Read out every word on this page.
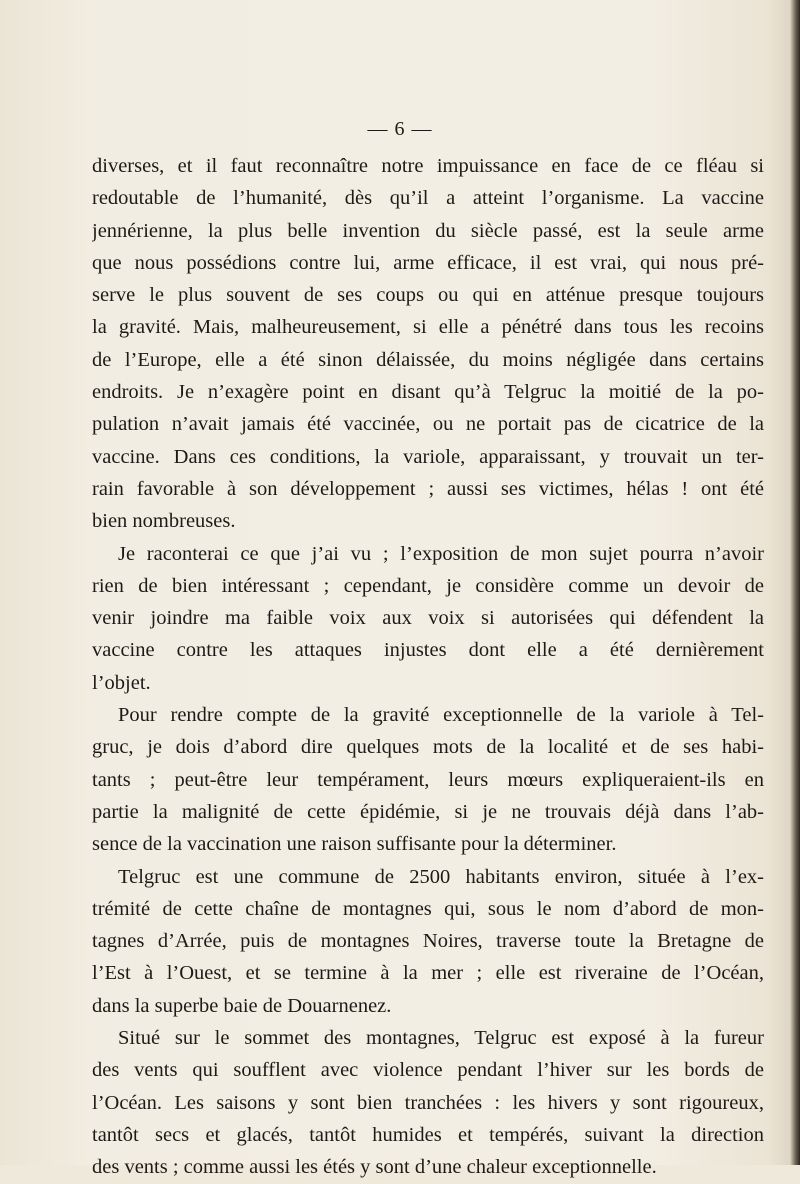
— 6 —
diverses, et il faut reconnaître notre impuissance en face de ce fléau si
redoutable de l’humanité, dès qu’il a atteint l’organisme. La vaccine
jennérienne, la plus belle invention du siècle passé, est la seule arme
que nous possédions contre lui, arme efficace, il est vrai, qui nous pré-
serve le plus souvent de ses coups ou qui en atténue presque toujours
la gravité. Mais, malheureusement, si elle a pénétré dans tous les recoins
de l’Europe, elle a été sinon délaissée, du moins négligée dans certains
endroits. Je n’exagère point en disant qu’à Telgruc la moitié de la po-
pulation n’avait jamais été vaccinée, ou ne portait pas de cicatrice de la
vaccine. Dans ces conditions, la variole, apparaissant, y trouvait un ter-
rain favorable à son développement ; aussi ses victimes, hélas ! ont été
bien nombreuses.
Je raconterai ce que j’ai vu ; l’exposition de mon sujet pourra n’avoir
rien de bien intéressant ; cependant, je considère comme un devoir de
venir joindre ma faible voix aux voix si autorisées qui défendent la
vaccine contre les attaques injustes dont elle a été dernièrement
l’objet.
Pour rendre compte de la gravité exceptionnelle de la variole à Tel-
gruc, je dois d’abord dire quelques mots de la localité et de ses habi-
tants ; peut-être leur tempérament, leurs mœurs expliqueraient-ils en
partie la malignité de cette épidémie, si je ne trouvais déjà dans l’ab-
sence de la vaccination une raison suffisante pour la déterminer.
Telgruc est une commune de 2500 habitants environ, située à l’ex-
trémité de cette chaîne de montagnes qui, sous le nom d’abord de mon-
tagnes d’Arrée, puis de montagnes Noires, traverse toute la Bretagne de
l’Est à l’Ouest, et se termine à la mer ; elle est riveraine de l’Océan,
dans la superbe baie de Douarnenez.
Situé sur le sommet des montagnes, Telgruc est exposé à la fureur
des vents qui soufflent avec violence pendant l’hiver sur les bords de
l’Océan. Les saisons y sont bien tranchées : les hivers y sont rigoureux,
tantôt secs et glacés, tantôt humides et tempérés, suivant la direction
des vents ; comme aussi les étés y sont d’une chaleur exceptionnelle.
